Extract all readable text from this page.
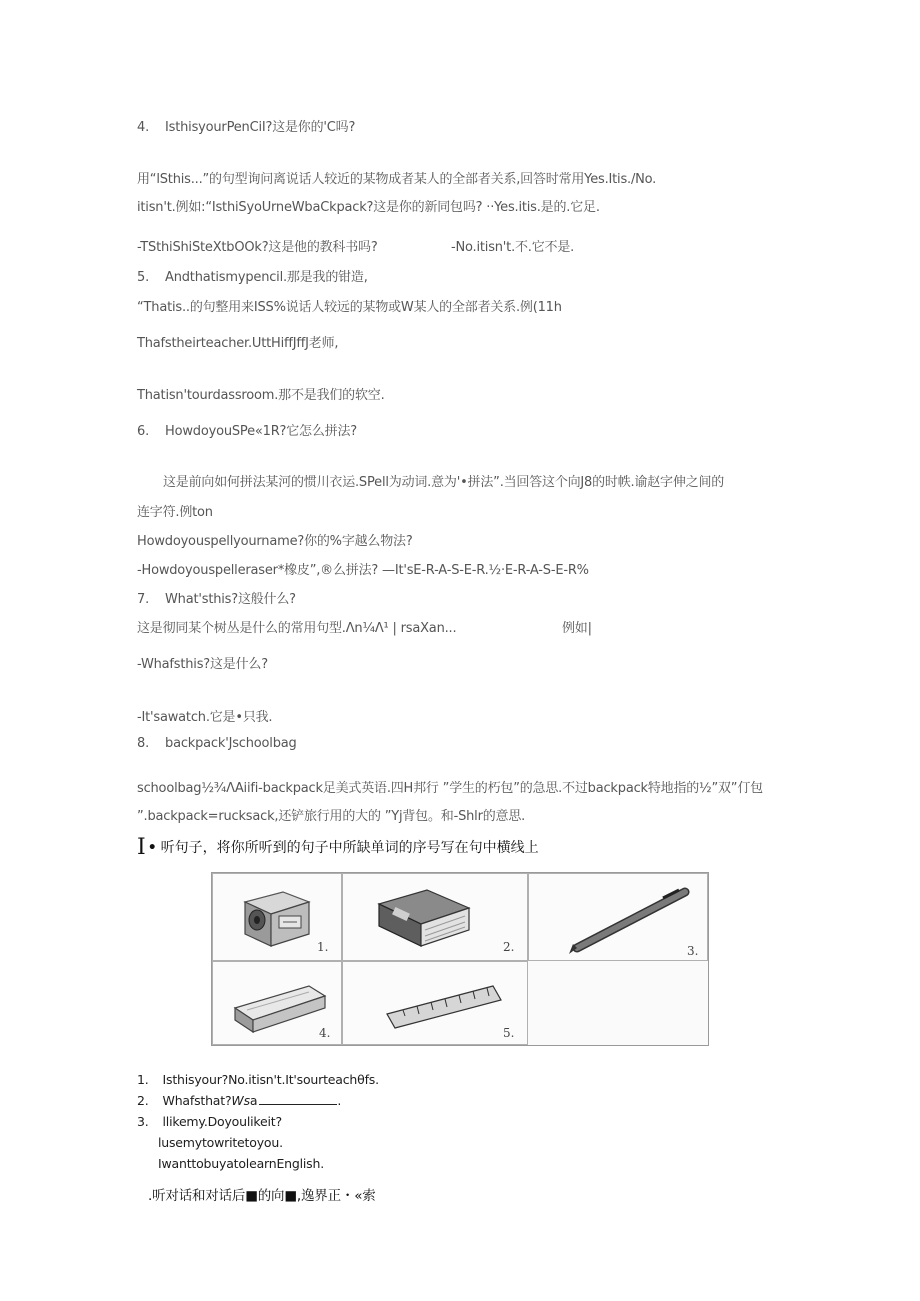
4. IsthisyourPenCiI?这是你的'C吗?
用“lSthis...”的句型询问离说话人较近的某物成者某人的全部者关系,回答时常用Yes.Itis./No.
itisn't.例如:“IsthiSyoUrneWbaCkpack?这是你的新同包吗? ··Yes.itis.是的.它足.
-TSthiShiSteXtbOOk?这是他的教科书吗?	-No.itisn't.不.它不是.
5. Andthatismypencil.那是我的钳造,
“Thatis..的句整用来ISS%说话人较远的某物或W某人的全部者关系.例(11h
Thafstheirteacher.UttHiffJffJ老师,
Thatisn'tourdassroom.那不是我们的软空.
6. HowdoyouSPe«1R?它怎么拼法?
这是前向如何拼法某河的惯川衣运.SPell为动词.意为'•拼法”.当回答这个向J8的时帙.谕赵字伸之间的
连字符.例ton
Howdoyouspellyourname?你的%字越么物法?
-Howdoyouspelleraser*橡皮”,®么拼法? —It'sE-R-A-S-E-R.½·E-R-A-S-E-R%
7. What'sthis?这般什么?
这是彻同某个树丛是什么的常用句型.Λn¼Λ¹ | rsaXan...	例如|
-Whafsthis?这是什么?
-It'sawatch.它是•只我.
8. backpack'Jschoolbag
schoolbag½¾ΛAiifi-backpack足美式英语.四H邦行 ”学生的朽包”的急思.不过backpack特地指的½”双”仃包
”.backpack=rucksack,还铲旅行用的大的 ”Yj背包。和-Shlr的意思.
I • 听句子，将你所听到的句子中所缺单词的序号写在句中横线上
1.	2.	3.
4.	5.
1. Isthisyour?No.itisn't.It'sourteachθfs.
2. Whafsthat?Wsa	.
3. llikemy.Doyoulikeit?
lusemytowritetoyou.
IwanttobuyatolearnEnglish.
.听对话和对话后■的向■,逸界正・«索
